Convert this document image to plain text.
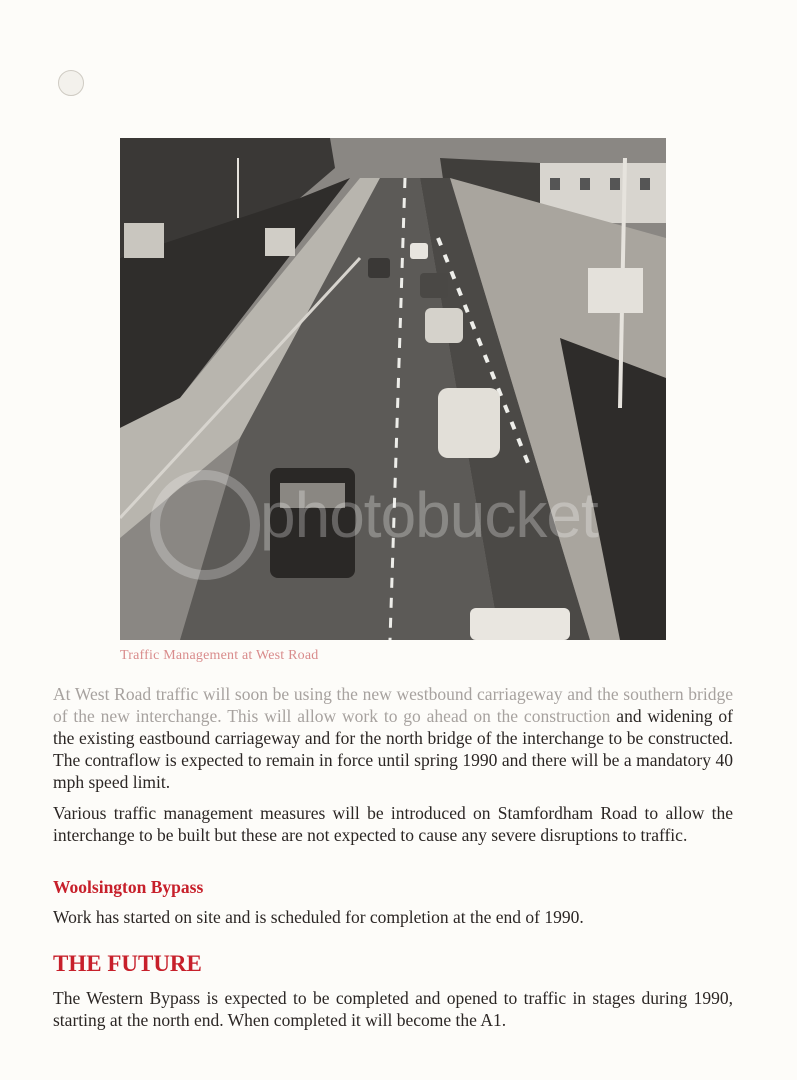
photobucket
Traffic Management at West Road
At West Road traffic will soon be using the new westbound carriageway and the southern bridge of the new interchange. This will allow work to go ahead on the construction and widening of the existing eastbound carriageway and for the north bridge of the interchange to be constructed. The contraflow is expected to remain in force until spring 1990 and there will be a mandatory 40 mph speed limit.
Various traffic management measures will be introduced on Stamfordham Road to allow the interchange to be built but these are not expected to cause any severe disruptions to traffic.
Woolsington Bypass
Work has started on site and is scheduled for completion at the end of 1990.
THE FUTURE
The Western Bypass is expected to be completed and opened to traffic in stages during 1990, starting at the north end. When completed it will become the A1.
